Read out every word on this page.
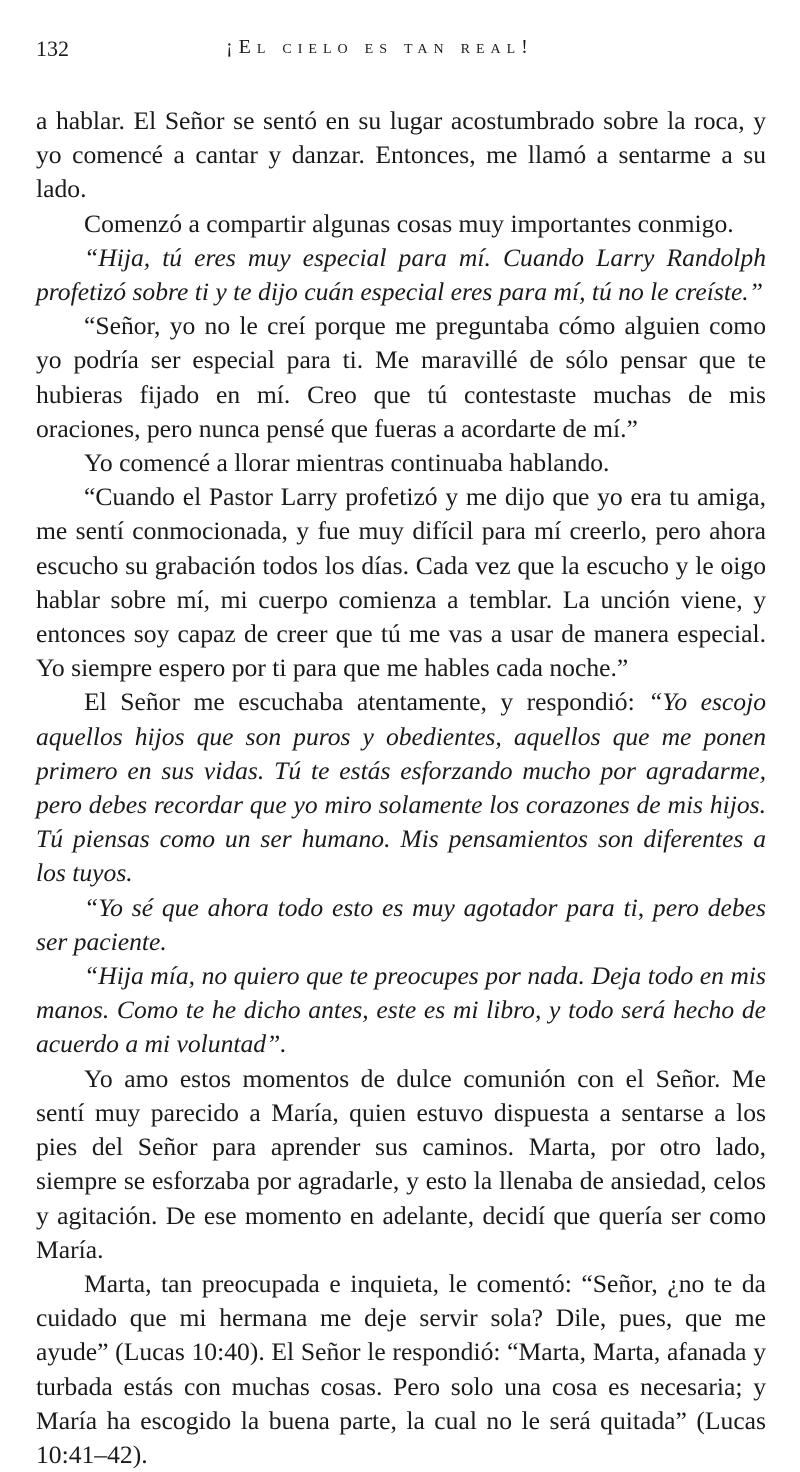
132	¡El cielo es tan real!

a hablar. El Señor se sentó en su lugar acostumbrado sobre la roca, y yo comencé a cantar y danzar. Entonces, me llamó a sentarme a su lado.

Comenzó a compartir algunas cosas muy importantes conmigo.

“Hija, tú eres muy especial para mí. Cuando Larry Randolph profetizó sobre ti y te dijo cuán especial eres para mí, tú no le creíste.”

“Señor, yo no le creí porque me preguntaba cómo alguien como yo podría ser especial para ti. Me maravillé de sólo pensar que te hubieras fijado en mí. Creo que tú contestaste muchas de mis oraciones, pero nunca pensé que fueras a acordarte de mí.”

Yo comencé a llorar mientras continuaba hablando.

“Cuando el Pastor Larry profetizó y me dijo que yo era tu amiga, me sentí conmocionada, y fue muy difícil para mí creerlo, pero ahora escucho su grabación todos los días. Cada vez que la escucho y le oigo hablar sobre mí, mi cuerpo comienza a temblar. La unción viene, y entonces soy capaz de creer que tú me vas a usar de manera especial. Yo siempre espero por ti para que me hables cada noche.”

El Señor me escuchaba atentamente, y respondió: “Yo escojo aquellos hijos que son puros y obedientes, aquellos que me ponen primero en sus vidas. Tú te estás esforzando mucho por agradarme, pero debes recordar que yo miro solamente los corazones de mis hijos. Tú piensas como un ser humano. Mis pensamientos son diferentes a los tuyos.

“Yo sé que ahora todo esto es muy agotador para ti, pero debes ser paciente.

“Hija mía, no quiero que te preocupes por nada. Deja todo en mis manos. Como te he dicho antes, este es mi libro, y todo será hecho de acuerdo a mi voluntad”.

Yo amo estos momentos de dulce comunión con el Señor. Me sentí muy parecido a María, quien estuvo dispuesta a sentarse a los pies del Señor para aprender sus caminos. Marta, por otro lado, siempre se esforzaba por agradarle, y esto la llenaba de ansiedad, celos y agitación. De ese momento en adelante, decidí que quería ser como María.

Marta, tan preocupada e inquieta, le comentó: “Señor, ¿no te da cuidado que mi hermana me deje servir sola? Dile, pues, que me ayude” (Lucas 10:40). El Señor le respondió: “Marta, Marta, afanada y turbada estás con muchas cosas. Pero solo una cosa es necesaria; y María ha escogido la buena parte, la cual no le será quitada” (Lucas 10:41–42).
